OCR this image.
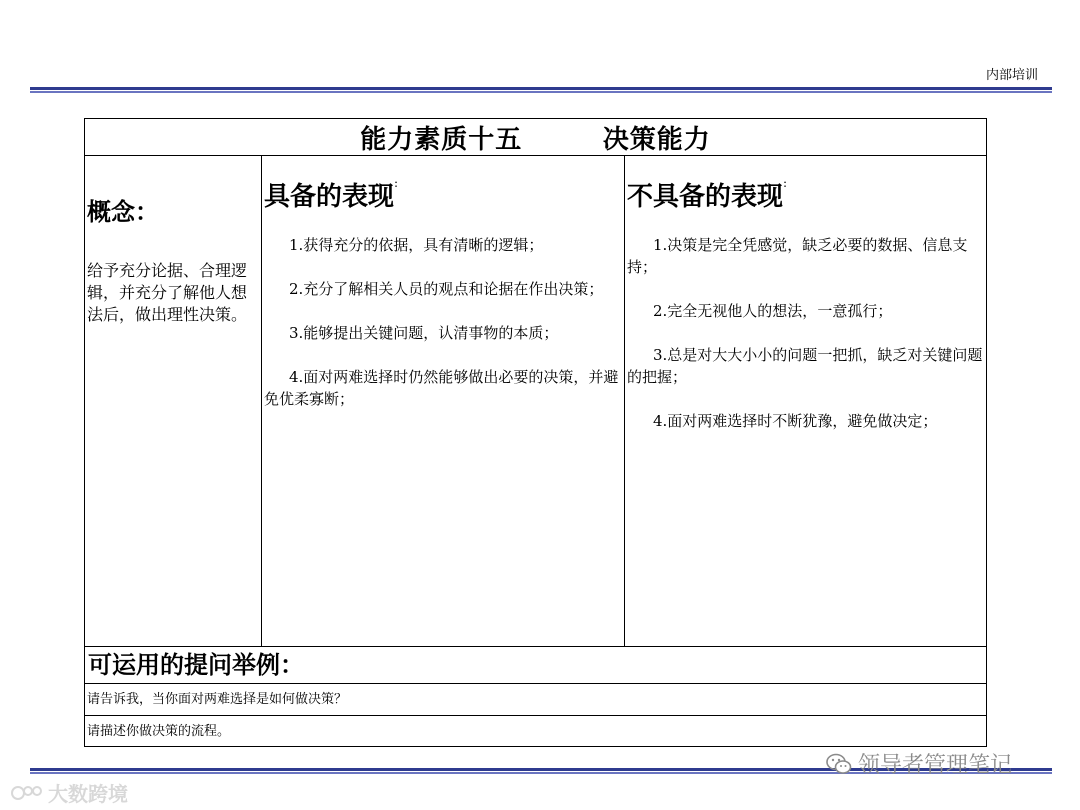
内部培训
能力素质十五
	决策能力
概念：
给予充分论据、合理逻辑，并充分了解他人想法后，做出理性决策。
具备的表现:
1.获得充分的依据，具有清晰的逻辑；
2.充分了解相关人员的观点和论据在作出决策；
3.能够提出关键问题，认清事物的本质；
4.面对两难选择时仍然能够做出必要的决策，并避免优柔寡断；
不具备的表现:
1.决策是完全凭感觉，缺乏必要的数据、信息支持；
2.完全无视他人的想法，一意孤行；
3.总是对大大小小的问题一把抓，缺乏对关键问题的把握；
4.面对两难选择时不断犹豫，避免做决定；
可运用的提问举例：
请告诉我，当你面对两难选择是如何做决策？
请描述你做决策的流程。
领导者管理笔记
大数跨境
